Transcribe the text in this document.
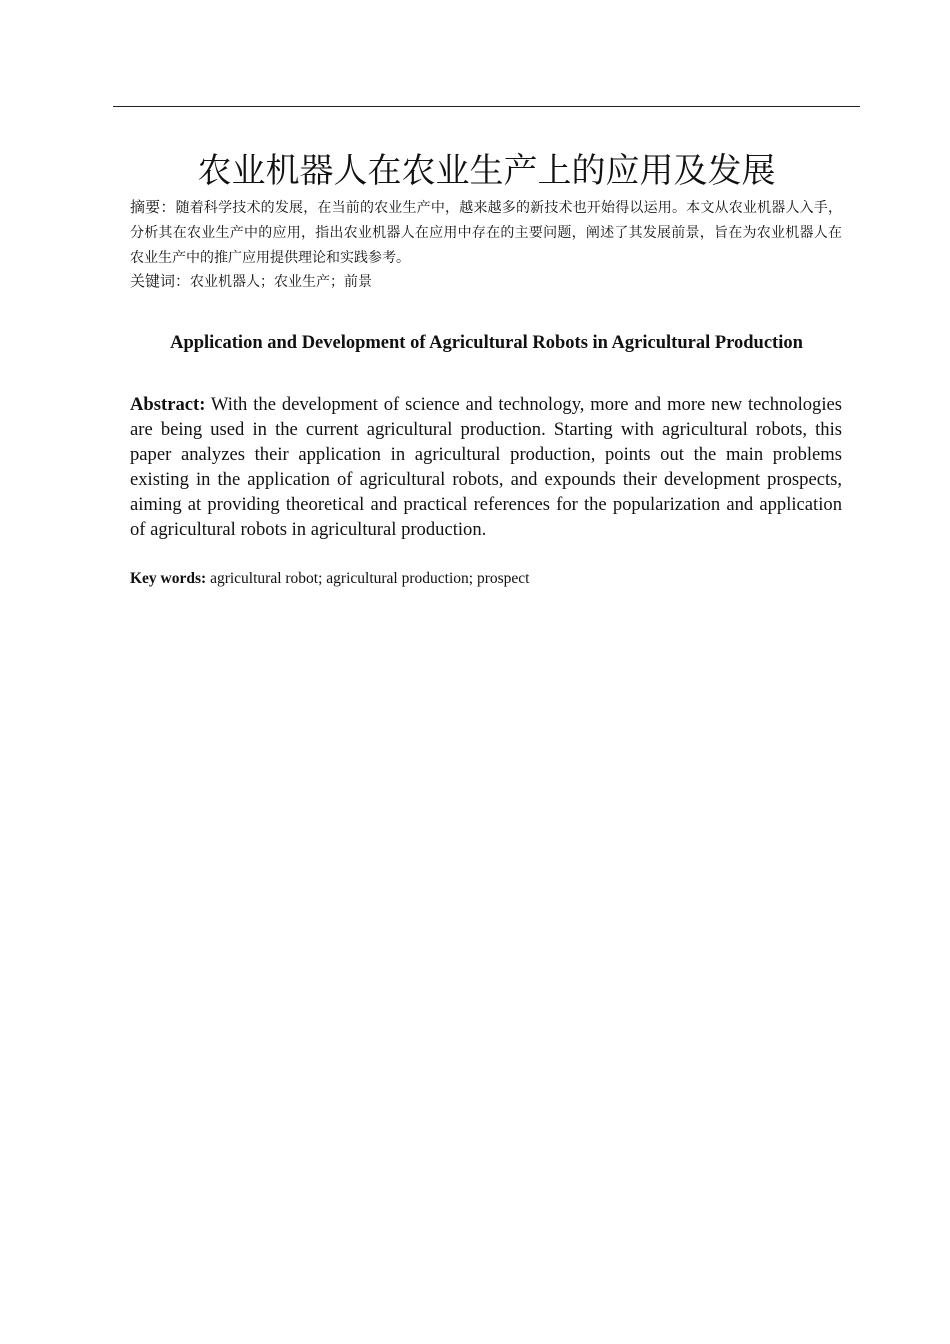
农业机器人在农业生产上的应用及发展

摘要：随着科学技术的发展，在当前的农业生产中，越来越多的新技术也开始得以运用。本文从农业机器人入手，分析其在农业生产中的应用，指出农业机器人在应用中存在的主要问题，阐述了其发展前景，旨在为农业机器人在农业生产中的推广应用提供理论和实践参考。

关键词：农业机器人；农业生产；前景

Application and Development of Agricultural Robots in Agricultural Production

Abstract: With the development of science and technology, more and more new technologies are being used in the current agricultural production. Starting with agricultural robots, this paper analyzes their application in agricultural production, points out the main problems existing in the application of agricultural robots, and expounds their development prospects, aiming at providing theoretical and practical references for the popularization and application of agricultural robots in agricultural production.

Key words: agricultural robot; agricultural production; prospect
